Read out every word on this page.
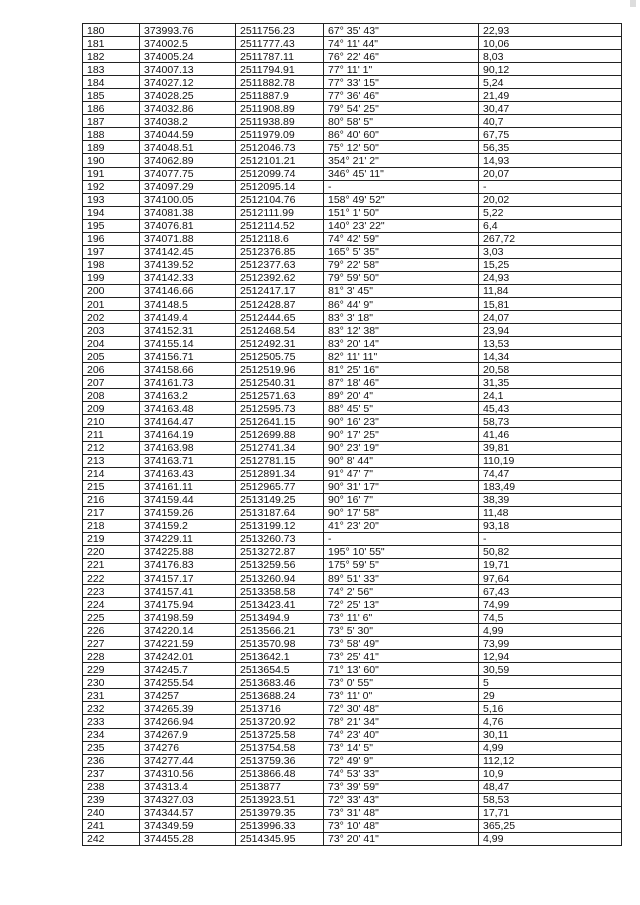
180	373993.76	2511756.23	67° 35' 43"	22,93
181	374002.5	2511777.43	74° 11' 44"	10,06
182	374005.24	2511787.11	76° 22' 46"	8,03
183	374007.13	2511794.91	77° 11' 1"	90,12
184	374027.12	2511882.78	77° 33' 15"	5,24
185	374028.25	2511887.9	77° 36' 46"	21,49
186	374032.86	2511908.89	79° 54' 25"	30,47
187	374038.2	2511938.89	80° 58' 5"	40,7
188	374044.59	2511979.09	86° 40' 60"	67,75
189	374048.51	2512046.73	75° 12' 50"	56,35
190	374062.89	2512101.21	354° 21' 2"	14,93
191	374077.75	2512099.74	346° 45' 11"	20,07
192	374097.29	2512095.14	-	-
193	374100.05	2512104.76	158° 49' 52"	20,02
194	374081.38	2512111.99	151° 1' 50"	5,22
195	374076.81	2512114.52	140° 23' 22"	6,4
196	374071.88	2512118.6	74° 42' 59"	267,72
197	374142.45	2512376.85	165° 5' 35"	3,03
198	374139.52	2512377.63	79° 22' 58"	15,25
199	374142.33	2512392.62	79° 59' 50"	24,93
200	374146.66	2512417.17	81° 3' 45"	11,84
201	374148.5	2512428.87	86° 44' 9"	15,81
202	374149.4	2512444.65	83° 3' 18"	24,07
203	374152.31	2512468.54	83° 12' 38"	23,94
204	374155.14	2512492.31	83° 20' 14"	13,53
205	374156.71	2512505.75	82° 11' 11"	14,34
206	374158.66	2512519.96	81° 25' 16"	20,58
207	374161.73	2512540.31	87° 18' 46"	31,35
208	374163.2	2512571.63	89° 20' 4"	24,1
209	374163.48	2512595.73	88° 45' 5"	45,43
210	374164.47	2512641.15	90° 16' 23"	58,73
211	374164.19	2512699.88	90° 17' 25"	41,46
212	374163.98	2512741.34	90° 23' 19"	39,81
213	374163.71	2512781.15	90° 8' 44"	110,19
214	374163.43	2512891.34	91° 47' 7"	74,47
215	374161.11	2512965.77	90° 31' 17"	183,49
216	374159.44	2513149.25	90° 16' 7"	38,39
217	374159.26	2513187.64	90° 17' 58"	11,48
218	374159.2	2513199.12	41° 23' 20"	93,18
219	374229.11	2513260.73	-	-
220	374225.88	2513272.87	195° 10' 55"	50,82
221	374176.83	2513259.56	175° 59' 5"	19,71
222	374157.17	2513260.94	89° 51' 33"	97,64
223	374157.41	2513358.58	74° 2' 56"	67,43
224	374175.94	2513423.41	72° 25' 13"	74,99
225	374198.59	2513494.9	73° 11' 6"	74,5
226	374220.14	2513566.21	73° 5' 30"	4,99
227	374221.59	2513570.98	73° 58' 49"	73,99
228	374242.01	2513642.1	73° 25' 41"	12,94
229	374245.7	2513654.5	71° 13' 60"	30,59
230	374255.54	2513683.46	73° 0' 55"	5
231	374257	2513688.24	73° 11' 0"	29
232	374265.39	2513716	72° 30' 48"	5,16
233	374266.94	2513720.92	78° 21' 34"	4,76
234	374267.9	2513725.58	74° 23' 40"	30,11
235	374276	2513754.58	73° 14' 5"	4,99
236	374277.44	2513759.36	72° 49' 9"	112,12
237	374310.56	2513866.48	74° 53' 33"	10,9
238	374313.4	2513877	73° 39' 59"	48,47
239	374327.03	2513923.51	72° 33' 43"	58,53
240	374344.57	2513979.35	73° 31' 48"	17,71
241	374349.59	2513996.33	73° 10' 48"	365,25
242	374455.28	2514345.95	73° 20' 41"	4,99
